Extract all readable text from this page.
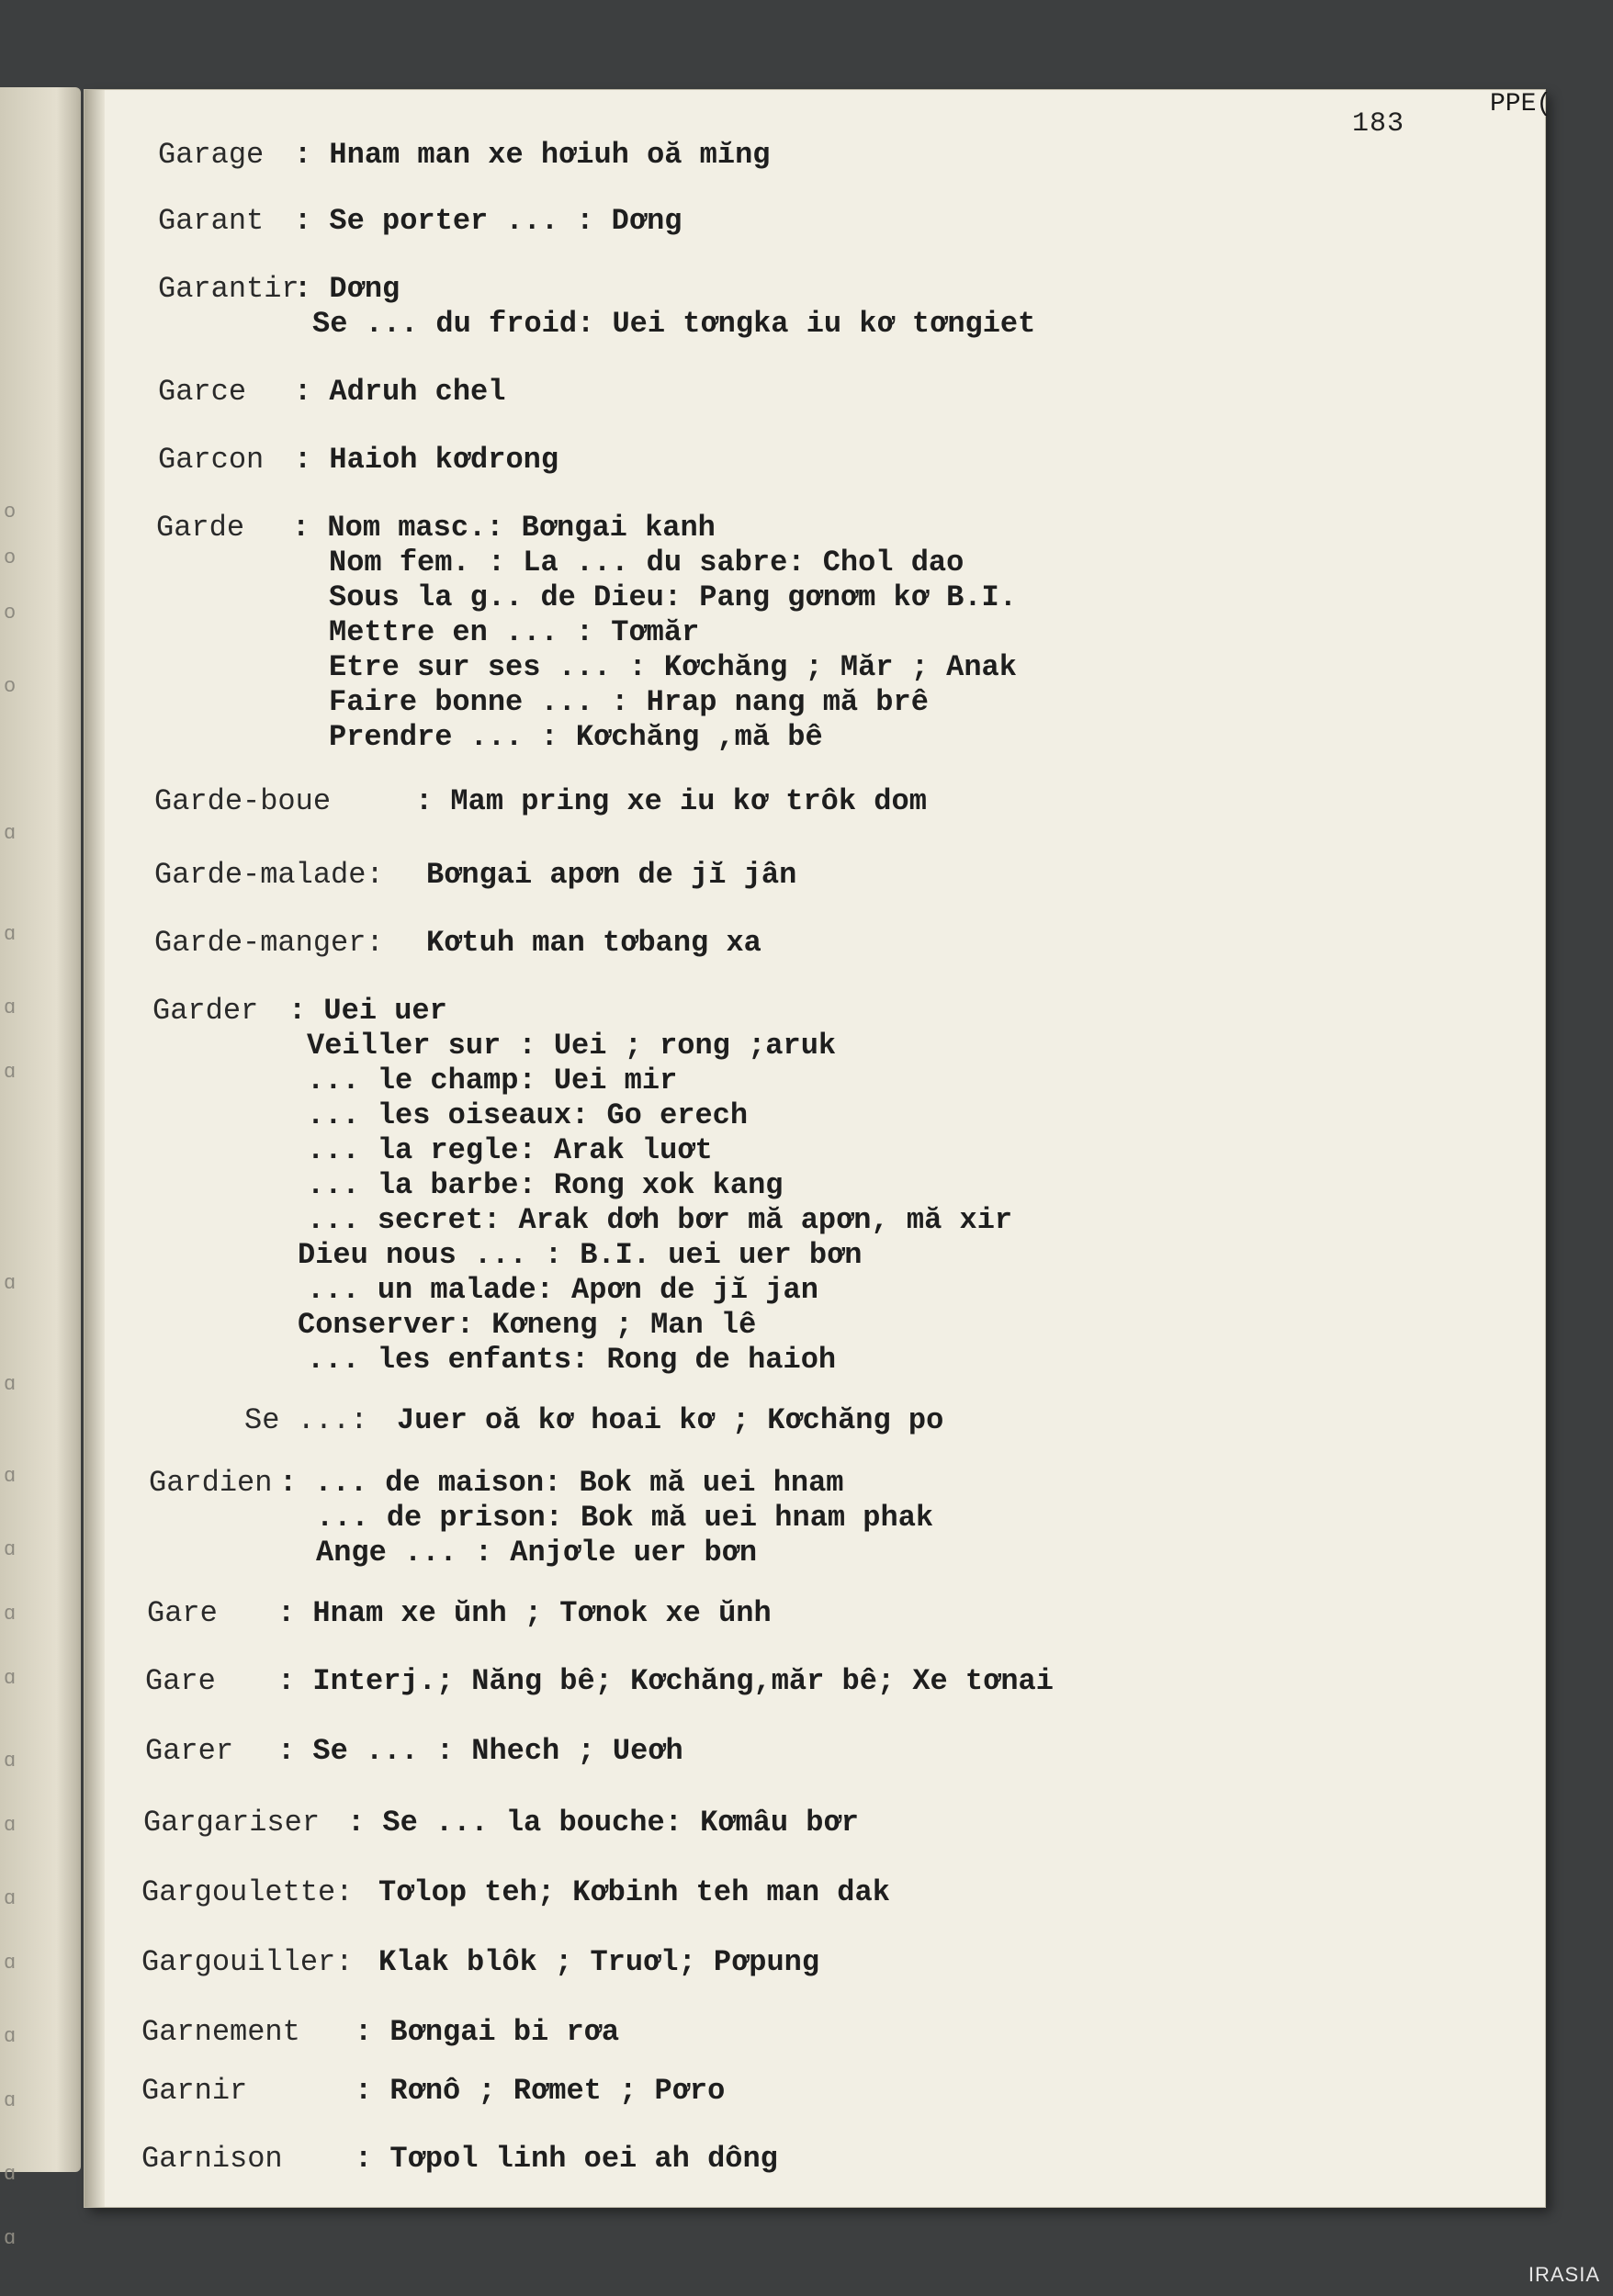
o
o
o
o
ɑ
ɑ
ɑ
ɑ
ɑ
ɑ
ɑ
ɑ
ɑ
ɑ
ɑ
ɑ
ɑ
ɑ
ɑ
ɑ
ɑ
ɑ
PPE(
183
Garage : Hnam man xe hơiuh oă mĭng
Garant : Se porter ... : Dơng
Garantir
: Dơng
Se ... du froid: Uei tơngka iu kơ tơngiet
Garce : Adruh chel
Garcon : Haioh kơdrong
Garde : Nom masc.: Bơngai kanh
Nom fem. : La ... du sabre: Chol dao
Sous la g.. de Dieu: Pang gơnơm kơ B.I.
Mettre en ... : Tơmăr
Etre sur ses ... : Kơchăng ; Măr ; Anak
Faire bonne ... : Hrap nang mă brê
Prendre ... : Kơchăng ,mă bê
Garde-boue	: Mam pring xe iu kơ trôk dom
Garde-malade: Bơngai apơn de jĭ jân
Garde-manger: Kơtuh man tơbang xa
Garder : Uei uer
Veiller sur : Uei ; rong ;aruk
... le champ: Uei mir
... les oiseaux: Go erech
... la regle: Arak luơt
... la barbe: Rong xok kang
... secret: Arak dơh bơr mă apơn, mă xir
Dieu nous ... : B.I. uei uer bơn
... un malade: Apơn de jĭ jan
Conserver: Kơneng ; Man lê
... les enfants: Rong de haioh
Se ...: Juer oă kơ hoai kơ ; Kơchăng po
Gardien : ... de maison: Bok mă uei hnam
... de prison: Bok mă uei hnam phak
Ange ... : Anjơle uer bơn
Gare : Hnam xe ŭnh ; Tơnok xe ŭnh
Gare : Interj.; Năng bê; Kơchăng,măr bê; Xe tơnai
Garer : Se ... : Nhech ; Ueơh
Gargariser : Se ... la bouche: Kơmâu bơr
Gargoulette: Tơlop teh; Kơbinh teh man dak
Gargouiller: Klak blôk ; Truơl; Pơpung
Garnement : Bơngai bi rơa
Garnir	: Rơnô ; Rơmet ; Pơro
Garnison : Tơpol linh oei ah dông
IRASIA
